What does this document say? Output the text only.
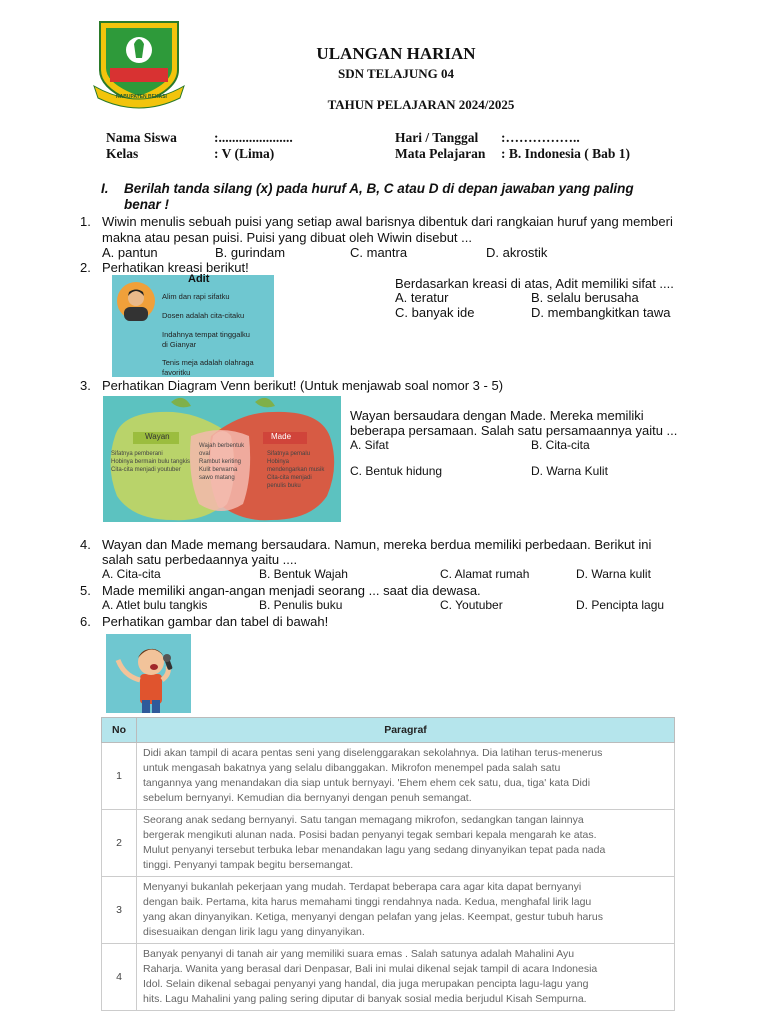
KABUPATEN BEKASI
ULANGAN HARIAN
SDN TELAJUNG 04
TAHUN PELAJARAN 2024/2025
Nama Siswa	:......................	Hari / Tanggal :……………..
Kelas	: V (Lima)	Mata Pelajaran : B. Indonesia ( Bab 1)
I. Berilah tanda silang (x) pada huruf A, B, C atau D di depan jawaban yang paling
benar !
1. Wiwin menulis sebuah puisi yang setiap awal barisnya dibentuk dari rangkaian huruf yang memberi
makna atau pesan puisi. Puisi yang dibuat oleh Wiwin disebut ...
A. pantun	B. gurindam	C. mantra	D. akrostik
2. Perhatikan kreasi berikut!
Adit
Alim dan rapi sifatku
Dosen adalah cita-citaku
Indahnya tempat tinggalku
di Gianyar
Tenis meja adalah olahraga
favoritku
Berdasarkan kreasi di atas, Adit memiliki sifat ....
A. teratur	B. selalu berusaha
C. banyak ide	D. membangkitkan tawa
3. Perhatikan Diagram Venn berikut! (Untuk menjawab soal nomor 3 - 5)
Wayan	Made
Sifatnya pemberani
Hobinya bermain bulu tangkis
Cita-cita menjadi youtuber
Wajah berbentuk oval
Rambut keriting
Kulit berwarna sawo matang
Sifatnya pemalu
Hobinya mendengarkan musik
Cita-cita menjadi penulis buku
Wayan bersaudara dengan Made. Mereka memiliki
beberapa persamaan. Salah satu persamaannya yaitu ...
A. Sifat	B. Cita-cita
C. Bentuk hidung	D. Warna Kulit
4. Wayan dan Made memang bersaudara. Namun, mereka berdua memiliki perbedaan. Berikut ini
salah satu perbedaannya yaitu ....
A. Cita-cita	B. Bentuk Wajah	C. Alamat rumah	D. Warna kulit
5. Made memiliki angan-angan menjadi seorang ... saat dia dewasa.
A. Atlet bulu tangkis	B. Penulis buku	C. Youtuber	D. Pencipta lagu
6. Perhatikan gambar dan tabel di bawah!
No	Paragraf
1	Didi akan tampil di acara pentas seni yang diselenggarakan sekolahnya. Dia latihan terus-menerus
untuk mengasah bakatnya yang selalu dibanggakan. Mikrofon menempel pada salah satu
tangannya yang menandakan dia siap untuk bernyayi. 'Ehem ehem cek satu, dua, tiga' kata Didi
sebelum bernyanyi. Kemudian dia bernyanyi dengan penuh semangat.

2	Seorang anak sedang bernyanyi. Satu tangan memagang mikrofon, sedangkan tangan lainnya
bergerak mengikuti alunan nada. Posisi badan penyanyi tegak sembari kepala mengarah ke atas.
Mulut penyanyi tersebut terbuka lebar menandakan lagu yang sedang dinyanyikan tepat pada nada
tinggi. Penyanyi tampak begitu bersemangat.

3	Menyanyi bukanlah pekerjaan yang mudah. Terdapat beberapa cara agar kita dapat bernyanyi
dengan baik. Pertama, kita harus memahami tinggi rendahnya nada. Kedua, menghafal lirik lagu
yang akan dinyanyikan. Ketiga, menyanyi dengan pelafan yang jelas. Keempat, gestur tubuh harus
disesuaikan dengan lirik lagu yang dinyanyikan.

4	Banyak penyanyi di tanah air yang memiliki suara emas . Salah satunya adalah Mahalini Ayu
Raharja. Wanita yang berasal dari Denpasar, Bali ini mulai dikenal sejak tampil di acara Indonesia
Idol. Selain dikenal sebagai penyanyi yang handal, dia juga merupakan pencipta lagu-lagu yang
hits. Lagu Mahalini yang paling sering diputar di banyak sosial media berjudul Kisah Sempurna.
